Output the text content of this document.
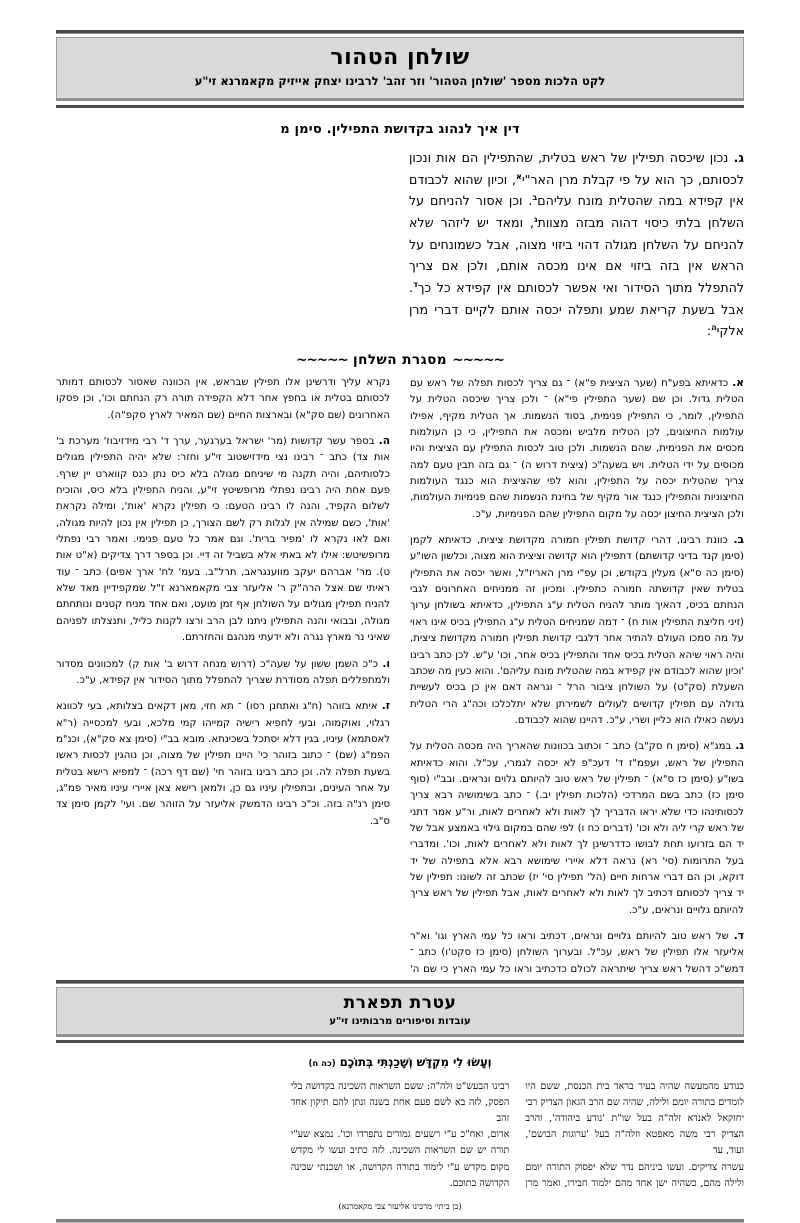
שולחן הטהור
לקט הלכות מספר 'שולחן הטהור' וזר זהב' לרבינו יצחק אייזיק מקאמרנא זי"ע
דין איך לנהוג בקדושת התפילין. סימן מ

ג. נכון שיכסה תפילין של ראש בטלית, שהתפילין הם אות ונכון לכסותם, כך הוא על פי קבלת מרן האר"י$^א$, וכיון שהוא לכבודם אין קפידא במה שהטלית מונח עליהם$^ב$. וכן אסור להניחם על השלחן בלתי כיסוי דהוה מבזה מצוות$^ג$, ומאד יש ליזהר שלא להניחם על השלחן מגולה דהוי ביזוי מצוה, אבל כשמונחים על הראש אין בזה ביזוי אם אינו מכסה אותם, ולכן אם צריך להתפלל מתוך הסידור ואי אפשר לכסותם אין קפידא כל כך$^ד$. אבל בשעת קריאת שמע ותפלה יכסה אותם לקיים דברי מרן אלקי$^ה$:

~~~~~ מסגרת השלחן ~~~~~

א. כדאיתא בפע"ח (שער הציצית פ"א) ־ גם צריך לכסות תפלה של ראש עם הטלית גדול. וכן שם (שער התפילין פי"א) ־ ולכן צריך שיכסה הטלית על התפילין, לומר, כי התפילין פנימית, בסוד הנשמות. אך הטלית מקיף, אפילו עולמות החיצונים, לכן הטלית מלביש ומכסה את התפילין, כי כן העולמות מכסים את הפנימית, שהם הנשמות. ולכן טוב לכסות התפילין עם הציצית והיו מכוסים על ידי הטלית. ויש בשעה"כ (ציצית דרוש ה) ־ גם בזה תבין טעם למה צריך שהטלית יכסה על התפילין, והוא לפי שהציצית הוא כנגד העולמות החיצוניות והתפילין כנגד אור מקיף של בחינת הנשמות שהם פנימיות העולמות, ולכן הציצית החיצון יכסה על מקום התפילין שהם הפנימיות, ע"כ.

ב. כוונת רבינו, דהרי קדושת תפילין חמורה מקדושת ציצית, כדאיתא לקמן (סימן קנד בדיני קדושתם) דתפילין הוא קדושה וציצית הוא מצוה, וכלשון השו"ע (סימן כה ס"א) מעלין בקודש, וכן עפ"י מרן האריז"ל, ואשר יכסה את התפילין בטלית שאין קדושתה חמורה כתפילין. ומכיון זה ממניחים האחרונים לגבי הנחתם בכיס, דהאיך מותר להניח הטלית ע"ג התפילין, כדאיתא בשולחן ערוך (זיני חליצת התפילין אות ח) ־ דמה שמניחים הטלית ע"ג התפילין בכיס אינו ראוי על מה סמכו העולם להתיר אחר דלגבי קדושת תפילין חמורה מקדושת ציצית, והיה ראוי שיהא הטלית בכיס אחד והתפילין בכיס אחר, וכו' ע"ש. לכן כתב רבינו 'וכיון שהוא לכבודם אין קפידא במה שהטלית מונח עליהם'. והוא כעין מה שכתב השעלת (סק"ט) על השולחן ציבור הרל ־ וגראה דאם אין כן בכיס לעשיית גדולה עם תפילין קדושים לעולים לשמירתן שלא יתלכלכו וכה"ג הרי הטלית נעשה כאילו הוא כליין ושרי, ע"כ. דהיינו שהוא לכבודם.

ג. במג"א (סימן ח סק"ב) כתב ־ וכתוב בכוונות שהאריך היה מכסה הטלית על התפילין של ראש, ועפמ"ז ד' דעכ"פ לא יכסה לגמרי, עכ"ל. והוא כדאיתא בשו"ע (סימן כז ס"א) ־ תפילין של ראש טוב להיותם גלוים ונראים. ובב"י (סוף סימן כז) כתב בשם המרדכי (הלכות תפילין יב.) ־ כתב בשימושיה רבא צריך לכסותינהו כדי שלא יראו הדבריך לך לאות ולא לאחרים לאות, ור"ע אמר דתני של ראש קרי ליה ולא וכו' (דברים כח ו) לפי שהם במקום גילוי באמצע אבל של יד הם בזרועו תחת לבושו כדדרשינן לך לאות ולא לאחרים לאות, וכו'. ומדברי בעל התרומות (סי' רא) נראה דלא איירי שימושא רבא אלא בתפילה של יד דוקא, וכן הם דברי ארחות חיים (הל' תפילין סי' יז) שכתב זה לשונו: תפילין של יד צריך לכסותם דכתיב לך לאות ולא לאחרים לאות, אבל תפילין של ראש צריך להיותם גלויים ונראים, ע"כ.

ד. של ראש טוב להיותם גלויים ונראים, דכתיב וראו כל עמי הארץ וגו' וא"ר אליעזר אלו תפילין של ראש, עכ"ל. ובערוך השולחן (סימן כז סקט'ו) כתב ־ דמש"כ דהשל ראש צריך שיתראה לכולם כדכתיב וראו כל עמי הארץ כי שם ה' נקרא עליך ודרשינן אלו תפילין שבראש, אין הכוונה שאסור לכסותם דמותר לכסותם בטלית או בחפץ אחר דלא הקפידה תורה רק הנחתם וכו', וכן פסקו האחרונים (שם סק"א) ובארצות החיים (שם המאיר לארץ סקפ"ה).

ה. בספר עשר קדושות (מר' ישראל בערגער, ערך ד' רבי מידזיבוז' מערכת ב' אות צד) כתב ־ רבינו נצי מידזישטוב זי"ע וחזר: שלא יהיה התפילין מגולים כלסותיהם, והיה תקנה מי שיניחם מגולה בלא כיס נתן כנס קווארט יין שרף. פעם אחת היה רבינו נפתלי מרופשיטץ זי"ע, והניח התפילין בלא כיס, והוכיח לשלום הקפיד, והנה לו רבינו הטעם: כי תפילין נקרא 'אות', ומילה נקראת 'אות', כשם שמילה אין לגלות רק לשם הצורך, כן תפילין אין נכון להיות מגולה, ואם לאו נקרא לו 'מפיר ברית'. וגם אמר כל טעם פנימי. ואמר רבי נפתלי מרופשיטש: אילו לא באתי אלא בשביל זה דיי. וכן בספר דרך צדיקים (א"ט אות ט). מר' אברהם יעקב מווענגראב, תרל"ב. בעמ' לח' ארך אפים) כתב ־ עוד ראיתי שם אצל הרה"ק ר' אליעזר צבי מקאמארנא ז"ל שמקפידיין מאד שלא להניח תפילין מגולים על השולחן אף זמן מועט, ואם אחד מניח קטנים ונותחתם מגולה, ובבואי והנה התפילין ניתנו לבן הרב ורצו לקנות כליל, ותנצלתו לפניהם שאיני נר מארץ נגרה ולא ידעתי מנהגם והחזרתם.

ו. כ"כ השמן ששון על שעה"כ (דרוש מנחה דרוש ב' אות ק) למכוונים מסדור ולמתפללים תפלה מסודרת שצריך להתפלל מתוך הסידור אין קפידא, ע"כ.

ז. איתא בזוהר (ח"ג ואתחנן רסו) ־ תא חזי, מאן דקאים בצלותא, בעי לכוונא רגלוי, ואוקמוה, ובעי לחפיא רישיה קמייהו קמי מלכא, ובעי למכסייה (ר"א לאסתמא) עיניו, בגין דלא יסתכל בשכינתא. מובא בב"י (סימן צא סק"א), וכנ"מ הפמ"ג (שם) ־ כתוב בזוהר כי' היינו תפילין של מצוה, וכן נוהגין לכסות ראשו בשעת תפלה לה. וכן כתב רבינו בזוהר חי' (שם דף רכה) ־ למפיא רישא בטלית על אחר העינים, ובתפילין עיניו גם כן, ולמאן רישא צאן איירי עיניו מאיר פמ"ג, סימן רנ"ה בזה. וכ"כ רבינו הדמשק אליעזר על הזוהר שם. ועי' לקמן סימן צד ס"ב.

עטרת תפארת
עובדות וסיפורים מרבותינו זי"ע
וְעָשׂוּ לִי מִקְדָּשׁ וְשָׁכַנְתִּי בְּתוֹכָם (כה ח)

כנודע מהמעשה שהיה בעיר בראד בית הכנסת, ששם היו לומדים בתורה יומם ולילה, שהיה שם הרב הגאון הצדיק רבי יחזקאל לאנדא זלה"ה בעל שו"ת 'נודע ביהודה', והרב הצדיק רבי משה מאפטא וזלה"ה בעל 'ערוגות הבושם', ועוד, עד

עשרה צדיקים. ועשו ביניהם נדר שלא יפסוק התורה יומם ולילה מהם, כשהיה ישן אחד מהם ילמוד חבירו, ואמר מרן רבינו הבעש"ט זלה"ה: ששם השראות השכינה בקדושה בלי הפסק, לזה בא לשם פעם אחת בשנה ונתן להם תיקון אחד זהב

אדום, ואח"כ ע"י רשעים גמורים נתפרדו וכו'. נמצא שע"י תורה יש שם השראות השכינה. לזה כתיב ועשו לי מקדש מקום מקדש ע"י לימוד בתורה הקדושה, או ושכנתי שכינה הקדושה בתוכם.

(בן ביתי׳ מרבינו אליעזר צבי מקאמרנא)
